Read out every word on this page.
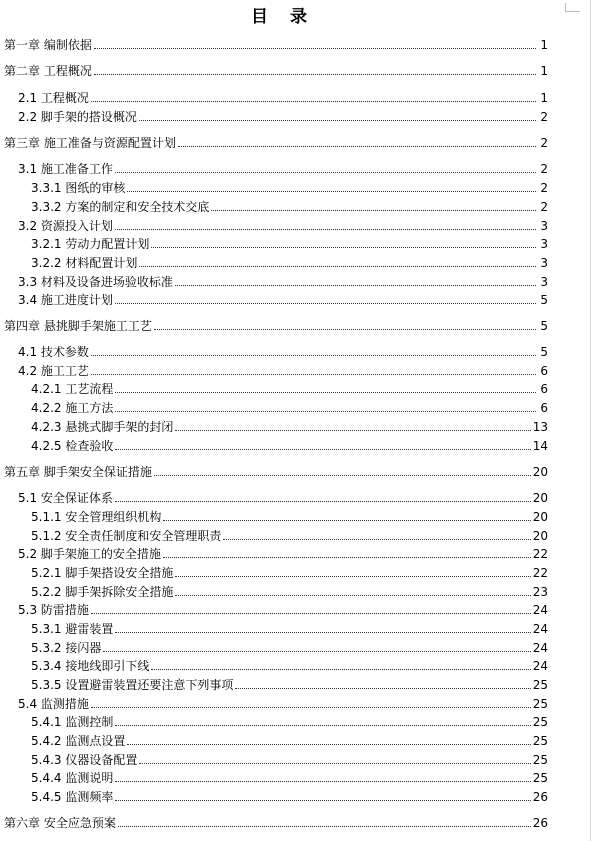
目 录
第一章 编制依据	1
第二章 工程概况	1
2.1 工程概况	1
2.2 脚手架的搭设概况	2
第三章 施工准备与资源配置计划	2
3.1 施工准备工作	2
3.3.1 图纸的审核	2
3.3.2 方案的制定和安全技术交底	2
3.2 资源投入计划	3
3.2.1 劳动力配置计划	3
3.2.2 材料配置计划	3
3.3 材料及设备进场验收标准	3
3.4 施工进度计划	5
第四章 悬挑脚手架施工工艺	5
4.1 技术参数	5
4.2 施工工艺	6
4.2.1 工艺流程	6
4.2.2 施工方法	6
4.2.3 悬挑式脚手架的封闭	13
4.2.5 检查验收	14
第五章 脚手架安全保证措施	20
5.1 安全保证体系	20
5.1.1 安全管理组织机构	20
5.1.2 安全责任制度和安全管理职责	20
5.2 脚手架施工的安全措施	22
5.2.1 脚手架搭设安全措施	22
5.2.2 脚手架拆除安全措施	23
5.3 防雷措施	24
5.3.1 避雷装置	24
5.3.2 接闪器	24
5.3.4 接地线即引下线	24
5.3.5 设置避雷装置还要注意下列事项	25
5.4 监测措施	25
5.4.1 监测控制	25
5.4.2 监测点设置	25
5.4.3 仪器设备配置	25
5.4.4 监测说明	25
5.4.5 监测频率	26
第六章 安全应急预案	26
